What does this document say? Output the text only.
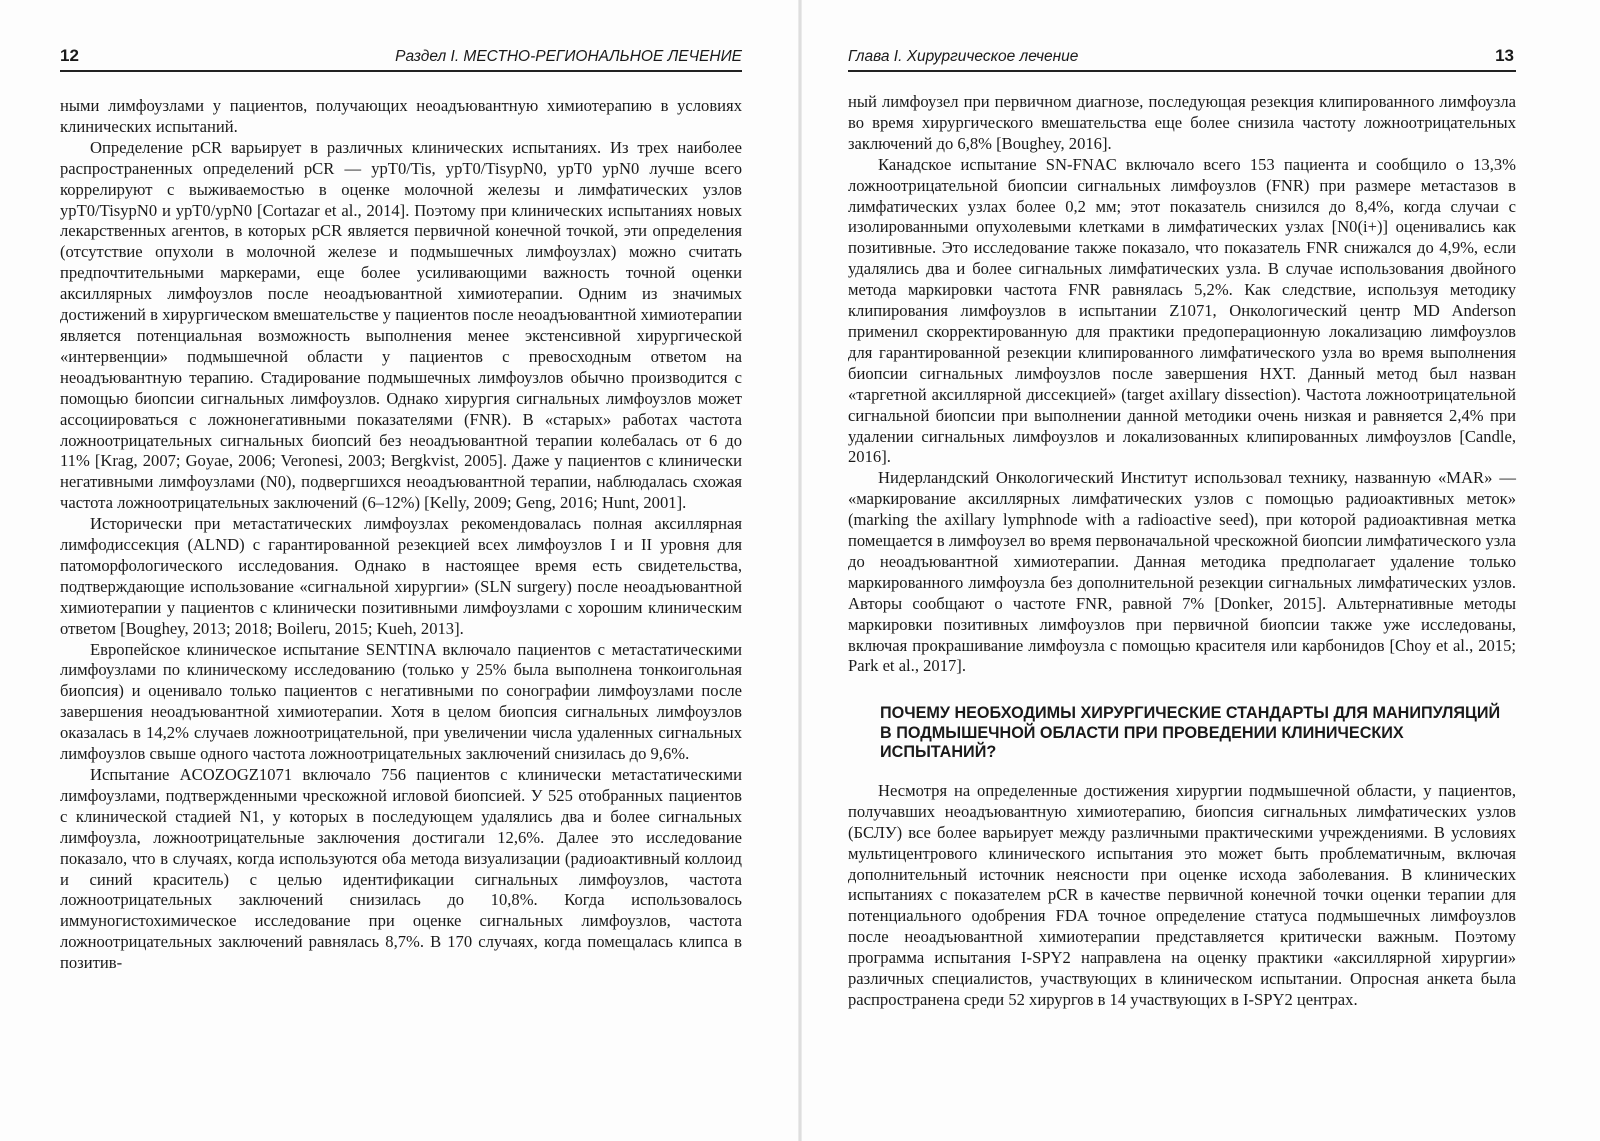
12	Раздел I. МЕСТНО-РЕГИОНАЛЬНОЕ ЛЕЧЕНИЕ

ными лимфоузлами у пациентов, получающих неоадъювантную химиотерапию в условиях клинических испытаний.

Определение pCR варьирует в различных клинических испытаниях. Из трех наиболее распространенных определений pCR — ypT0/Tis, ypT0/TisypN0, ypT0 ypN0 лучше всего коррелируют с выживаемостью в оценке молочной железы и лимфатических узлов ypT0/TisypN0 и ypT0/ypN0 [Cortazar et al., 2014]. Поэтому при клинических испытаниях новых лекарственных агентов, в которых pCR является первичной конечной точкой, эти определения (отсутствие опухоли в молочной железе и подмышечных лимфоузлах) можно считать предпочтительными маркерами, еще более усиливающими важность точной оценки аксиллярных лимфоузлов после неоадъювантной химиотерапии. Одним из значимых достижений в хирургическом вмешательстве у пациентов после неоадъювантной химиотерапии является потенциальная возможность выполнения менее экстенсивной хирургической «интервенции» подмышечной области у пациентов с превосходным ответом на неоадъювантную терапию. Стадирование подмышечных лимфоузлов обычно производится с помощью биопсии сигнальных лимфоузлов. Однако хирургия сигнальных лимфоузлов может ассоциироваться с ложнонегативными показателями (FNR). В «старых» работах частота ложноотрицательных сигнальных биопсий без неоадъювантной терапии колебалась от 6 до 11% [Krag, 2007; Goyae, 2006; Veronesi, 2003; Bergkvist, 2005]. Даже у пациентов с клинически негативными лимфоузлами (N0), подвергшихся неоадъювантной терапии, наблюдалась схожая частота ложноотрицательных заключений (6–12%) [Kelly, 2009; Geng, 2016; Hunt, 2001].

Исторически при метастатических лимфоузлах рекомендовалась полная аксиллярная лимфодиссекция (ALND) с гарантированной резекцией всех лимфоузлов I и II уровня для патоморфологического исследования. Однако в настоящее время есть свидетельства, подтверждающие использование «сигнальной хирургии» (SLN surgery) после неоадъювантной химиотерапии у пациентов с клинически позитивными лимфоузлами с хорошим клиническим ответом [Boughey, 2013; 2018; Boileru, 2015; Kueh, 2013].

Европейское клиническое испытание SENTINA включало пациентов с метастатическими лимфоузлами по клиническому исследованию (только у 25% была выполнена тонкоигольная биопсия) и оценивало только пациентов с негативными по сонографии лимфоузлами после завершения неоадъювантной химиотерапии. Хотя в целом биопсия сигнальных лимфоузлов оказалась в 14,2% случаев ложноотрицательной, при увеличении числа удаленных сигнальных лимфоузлов свыше одного частота ложноотрицательных заключений снизилась до 9,6%.

Испытание ACOZOGZ1071 включало 756 пациентов с клинически метастатическими лимфоузлами, подтвержденными чрескожной игловой биопсией. У 525 отобранных пациентов с клинической стадией N1, у которых в последующем удалялись два и более сигнальных лимфоузла, ложноотрицательные заключения достигали 12,6%. Далее это исследование показало, что в случаях, когда используются оба метода визуализации (радиоактивный коллоид и синий краситель) с целью идентификации сигнальных лимфоузлов, частота ложноотрицательных заключений снизилась до 10,8%. Когда использовалось иммуногистохимическое исследование при оценке сигнальных лимфоузлов, частота ложноотрицательных заключений равнялась 8,7%. В 170 случаях, когда помещалась клипса в позитив-

Глава I. Хирургическое лечение	13

ный лимфоузел при первичном диагнозе, последующая резекция клипированного лимфоузла во время хирургического вмешательства еще более снизила частоту ложноотрицательных заключений до 6,8% [Boughey, 2016].

Канадское испытание SN-FNAC включало всего 153 пациента и сообщило о 13,3% ложноотрицательной биопсии сигнальных лимфоузлов (FNR) при размере метастазов в лимфатических узлах более 0,2 мм; этот показатель снизился до 8,4%, когда случаи с изолированными опухолевыми клетками в лимфатических узлах [N0(i+)] оценивались как позитивные. Это исследование также показало, что показатель FNR снижался до 4,9%, если удалялись два и более сигнальных лимфатических узла. В случае использования двойного метода маркировки частота FNR равнялась 5,2%. Как следствие, используя методику клипирования лимфоузлов в испытании Z1071, Онкологический центр MD Anderson применил скорректированную для практики предоперационную локализацию лимфоузлов для гарантированной резекции клипированного лимфатического узла во время выполнения биопсии сигнальных лимфоузлов после завершения НХТ. Данный метод был назван «таргетной аксиллярной диссекцией» (target axillary dissection). Частота ложноотрицательной сигнальной биопсии при выполнении данной методики очень низкая и равняется 2,4% при удалении сигнальных лимфоузлов и локализованных клипированных лимфоузлов [Candle, 2016].

Нидерландский Онкологический Институт использовал технику, названную «MAR» — «маркирование аксиллярных лимфатических узлов с помощью радиоактивных меток» (marking the axillary lymphnode with a radioactive seed), при которой радиоактивная метка помещается в лимфоузел во время первоначальной чрескожной биопсии лимфатического узла до неоадъювантной химиотерапии. Данная методика предполагает удаление только маркированного лимфоузла без дополнительной резекции сигнальных лимфатических узлов. Авторы сообщают о частоте FNR, равной 7% [Donker, 2015]. Альтернативные методы маркировки позитивных лимфоузлов при первичной биопсии также уже исследованы, включая прокрашивание лимфоузла с помощью красителя или карбонидов [Choy et al., 2015; Park et al., 2017].

ПОЧЕМУ НЕОБХОДИМЫ ХИРУРГИЧЕСКИЕ СТАНДАРТЫ ДЛЯ МАНИПУЛЯЦИЙ В ПОДМЫШЕЧНОЙ ОБЛАСТИ ПРИ ПРОВЕДЕНИИ КЛИНИЧЕСКИХ ИСПЫТАНИЙ?

Несмотря на определенные достижения хирургии подмышечной области, у пациентов, получавших неоадъювантную химиотерапию, биопсия сигнальных лимфатических узлов (БСЛУ) все более варьирует между различными практическими учреждениями. В условиях мультицентрового клинического испытания это может быть проблематичным, включая дополнительный источник неясности при оценке исхода заболевания. В клинических испытаниях с показателем pCR в качестве первичной конечной точки оценки терапии для потенциального одобрения FDA точное определение статуса подмышечных лимфоузлов после неоадъювантной химиотерапии представляется критически важным. Поэтому программа испытания I-SPY2 направлена на оценку практики «аксиллярной хирургии» различных специалистов, участвующих в клиническом испытании. Опросная анкета была распространена среди 52 хирургов в 14 участвующих в I-SPY2 центрах.
